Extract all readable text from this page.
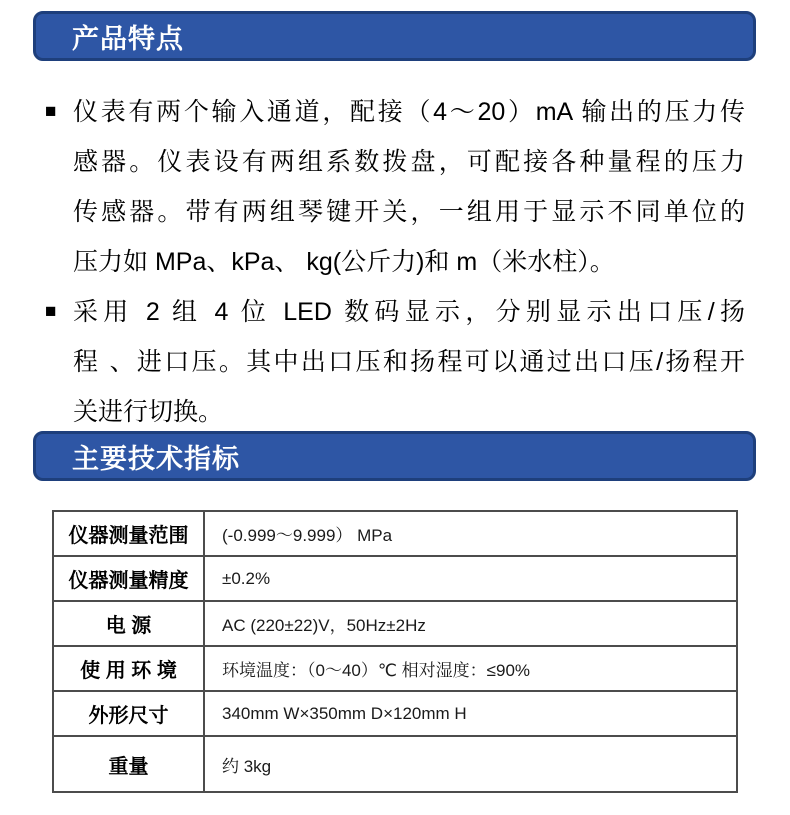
产品特点
■ 仪表有两个输入通道，配接（4～20）mA 输出的压力传
感器。仪表设有两组系数拨盘，可配接各种量程的压力
传感器。带有两组琴键开关，一组用于显示不同单位的
压力如 MPa、kPa、 kg(公斤力)和 m（米水柱）。
■ 采用 2 组 4 位 LED 数码显示，分别显示出口压/扬
程 、进口压。其中出口压和扬程可以通过出口压/扬程开
关进行切换。
主要技术指标
仪器测量范围	(-0.999～9.999） MPa
仪器测量精度	±0.2%
电 源	AC (220±22)V，50Hz±2Hz
使 用 环 境	环境温度：（0～40）℃ 相对湿度：≤90%
外形尺寸	340mm W×350mm D×120mm H
重量	约 3kg
